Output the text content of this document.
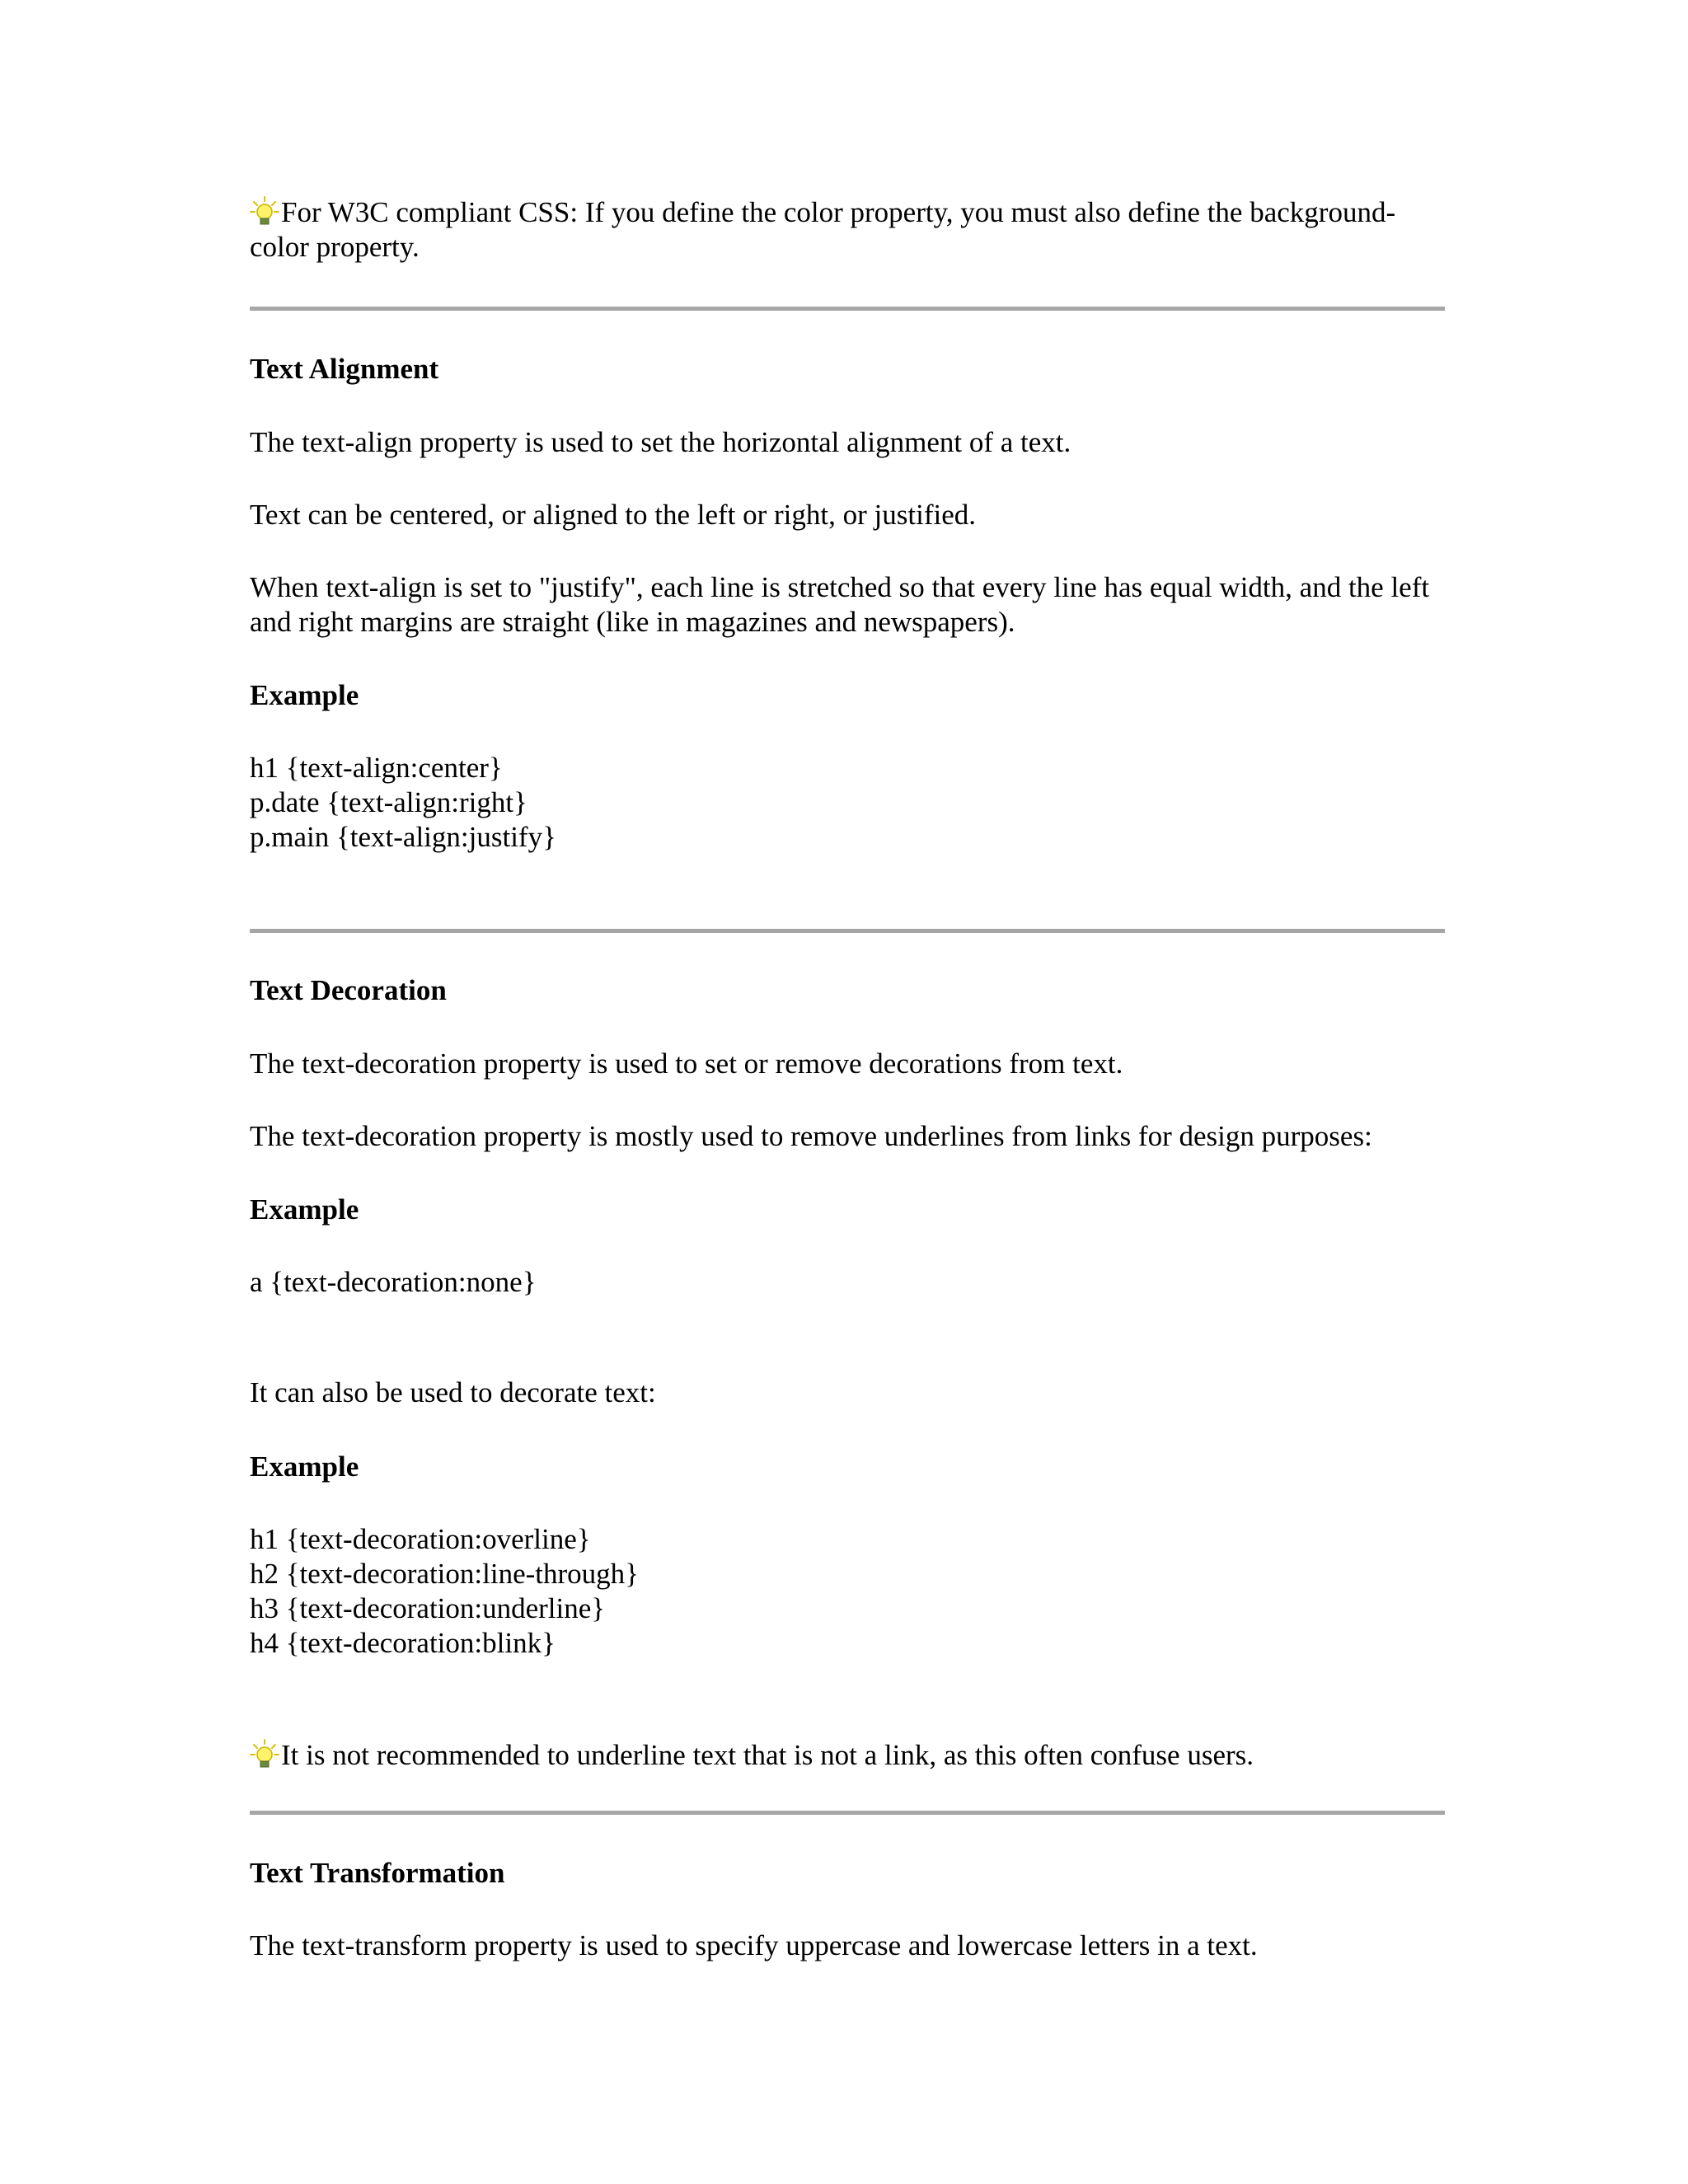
For W3C compliant CSS: If you define the color property, you must also define the background-color property.

Text Alignment

The text-align property is used to set the horizontal alignment of a text.

Text can be centered, or aligned to the left or right, or justified.

When text-align is set to "justify", each line is stretched so that every line has equal width, and the left and right margins are straight (like in magazines and newspapers).

Example

h1 {text-align:center}
p.date {text-align:right}
p.main {text-align:justify}

Text Decoration

The text-decoration property is used to set or remove decorations from text.

The text-decoration property is mostly used to remove underlines from links for design purposes:

Example

a {text-decoration:none}

It can also be used to decorate text:

Example

h1 {text-decoration:overline}
h2 {text-decoration:line-through}
h3 {text-decoration:underline}
h4 {text-decoration:blink}

It is not recommended to underline text that is not a link, as this often confuse users.

Text Transformation

The text-transform property is used to specify uppercase and lowercase letters in a text.
